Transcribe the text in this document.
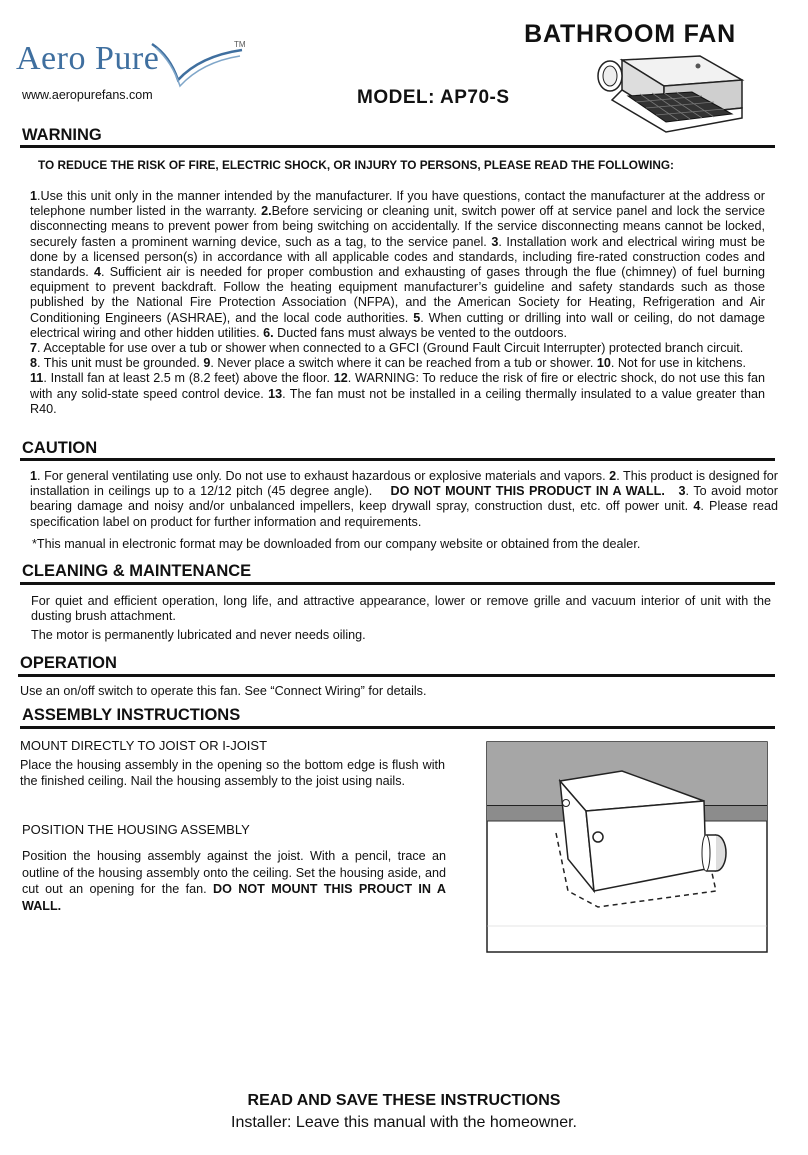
Aero Pure	TM
www.aeropurefans.com
BATHROOM FAN
MODEL: AP70-S
WARNING
TO REDUCE THE RISK OF FIRE, ELECTRIC SHOCK, OR INJURY TO PERSONS, PLEASE READ THE FOLLOWING:
1.Use this unit only in the manner intended by the manufacturer. If you have questions, contact the manufacturer at the address or telephone number listed in the warranty. 2.Before servicing or cleaning unit, switch power off at service panel and lock the service disconnecting means to prevent power from being switching on accidentally. If the service disconnecting means cannot be locked, securely fasten a prominent warning device, such as a tag, to the service panel. 3. Installation work and electrical wiring must be done by a licensed person(s) in accordance with all applicable codes and standards, including fire-rated construction codes and standards. 4. Sufficient air is needed for proper combustion and exhausting of gases through the flue (chimney) of fuel burning equipment to prevent backdraft. Follow the heating equipment manufacturer’s guideline and safety standards such as those published by the National Fire Protection Association (NFPA), and the American Society for Heating, Refrigeration and Air Conditioning Engineers (ASHRAE), and the local code authorities. 5. When cutting or drilling into wall or ceiling, do not damage electrical wiring and other hidden utilities. 6. Ducted fans must always be vented to the outdoors.
7. Acceptable for use over a tub or shower when connected to a GFCI (Ground Fault Circuit Interrupter) protected branch circuit.
8. This unit must be grounded. 9. Never place a switch where it can be reached from a tub or shower. 10. Not for use in kitchens.
11. Install fan at least 2.5 m (8.2 feet) above the floor. 12. WARNING: To reduce the risk of fire or electric shock, do not use this fan with any solid-state speed control device. 13. The fan must not be installed in a ceiling thermally insulated to a value greater than R40.
CAUTION
1. For general ventilating use only. Do not use to exhaust hazardous or explosive materials and vapors. 2. This product is designed for installation in ceilings up to a 12/12 pitch (45 degree angle). DO NOT MOUNT THIS PRODUCT IN A WALL. 3. To avoid motor bearing damage and noisy and/or unbalanced impellers, keep drywall spray, construction dust, etc. off power unit. 4. Please read specification label on product for further information and requirements.
*This manual in electronic format may be downloaded from our company website or obtained from the dealer.
CLEANING & MAINTENANCE
For quiet and efficient operation, long life, and attractive appearance, lower or remove grille and vacuum interior of unit with the dusting brush attachment.
The motor is permanently lubricated and never needs oiling.
OPERATION
Use an on/off switch to operate this fan. See “Connect Wiring” for details.
ASSEMBLY INSTRUCTIONS
MOUNT DIRECTLY TO JOIST OR I-JOIST
Place the housing assembly in the opening so the bottom edge is flush with the finished ceiling. Nail the housing assembly to the joist using nails.
POSITION THE HOUSING ASSEMBLY
Position the housing assembly against the joist. With a pencil, trace an outline of the housing assembly onto the ceiling. Set the housing aside, and cut out an opening for the fan. DO NOT MOUNT THIS PROUCT IN A WALL.
READ AND SAVE THESE INSTRUCTIONS
Installer: Leave this manual with the homeowner.
